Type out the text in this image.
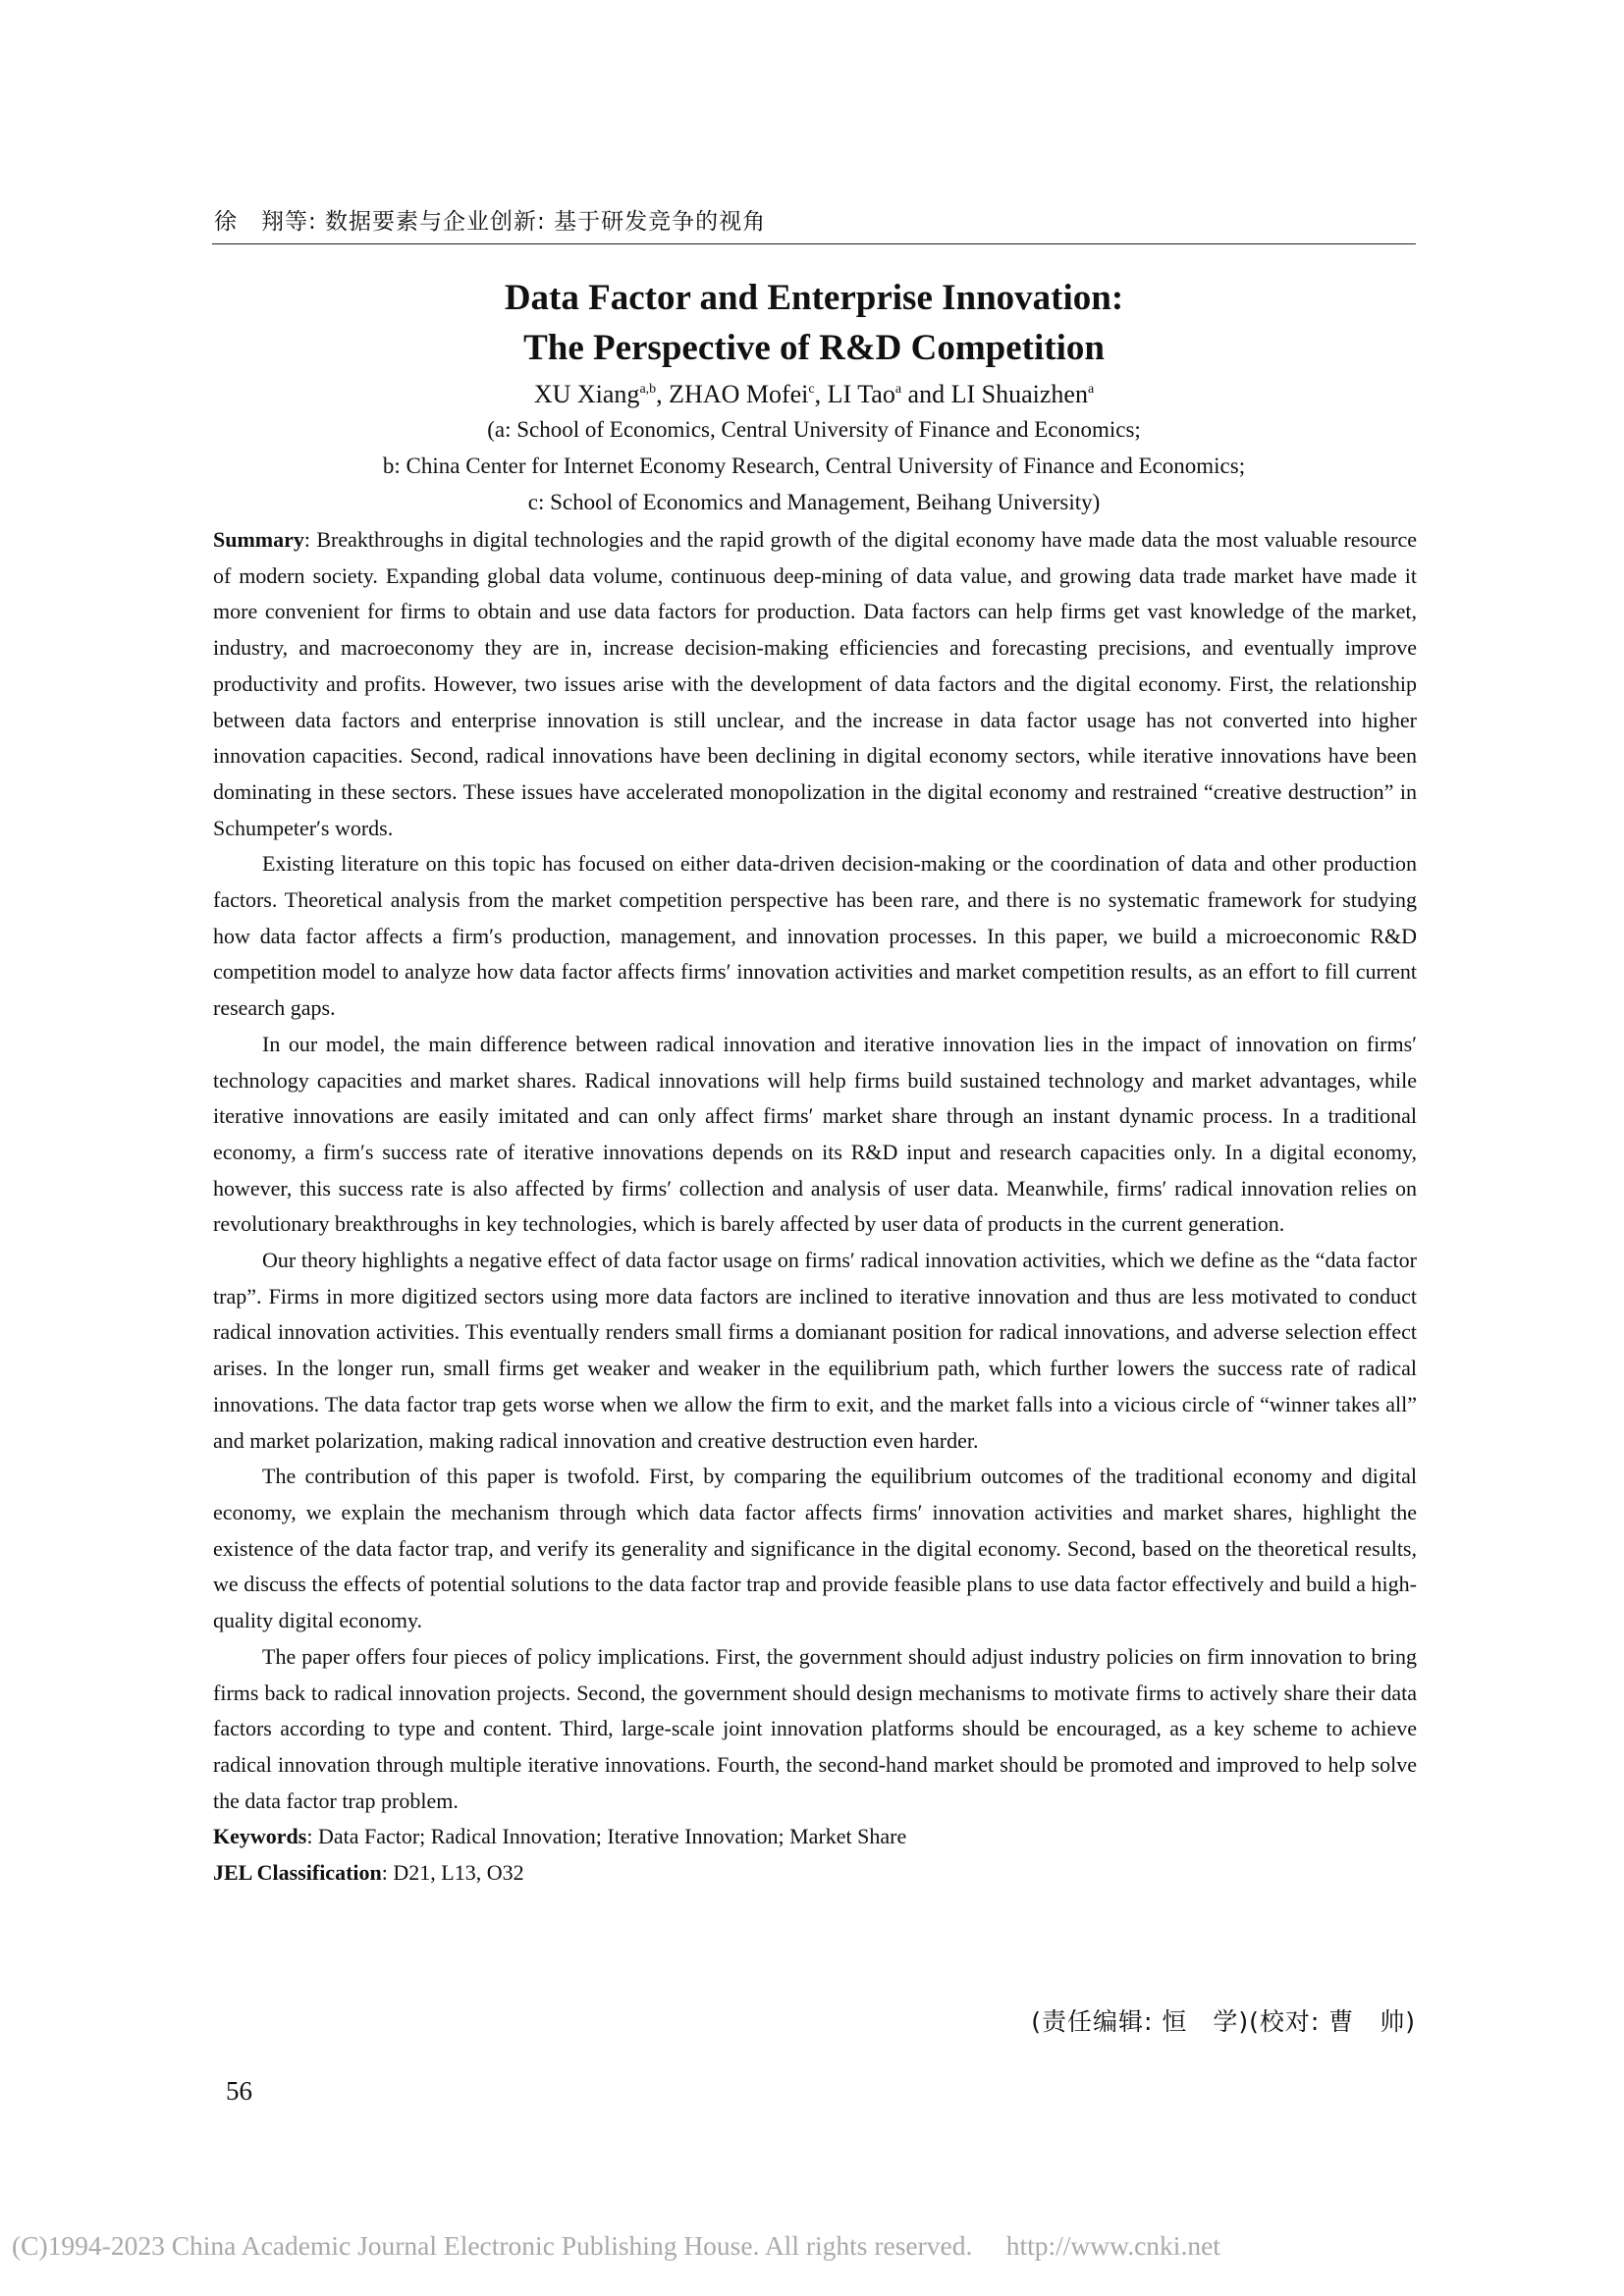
徐　翔等: 数据要素与企业创新: 基于研发竞争的视角
Data Factor and Enterprise Innovation:
The Perspective of R&D Competition
XU Xiang$^{a,b}$, ZHAO Mofei$^c$, LI Tao$^a$ and LI Shuaizhen$^a$
(a: School of Economics, Central University of Finance and Economics;
b: China Center for Internet Economy Research, Central University of Finance and Economics;
c: School of Economics and Management, Beihang University)

Summary: Breakthroughs in digital technologies and the rapid growth of the digital economy have made data the most valuable resource of modern society. Expanding global data volume, continuous deep-mining of data value, and growing data trade market have made it more convenient for firms to obtain and use data factors for production. Data factors can help firms get vast knowledge of the market, industry, and macroeconomy they are in, increase decision-making efficiencies and forecasting precisions, and eventually improve productivity and profits. However, two issues arise with the development of data factors and the digital economy. First, the relationship between data factors and enterprise innovation is still unclear, and the increase in data factor usage has not converted into higher innovation capacities. Second, radical innovations have been declining in digital economy sectors, while iterative innovations have been dominating in these sectors. These issues have accelerated monopolization in the digital economy and restrained “creative destruction” in Schumpeter′s words.

Existing literature on this topic has focused on either data-driven decision-making or the coordination of data and other production factors. Theoretical analysis from the market competition perspective has been rare, and there is no systematic framework for studying how data factor affects a firm′s production, management, and innovation processes. In this paper, we build a microeconomic R&D competition model to analyze how data factor affects firms′ innovation activities and market competition results, as an effort to fill current research gaps.

In our model, the main difference between radical innovation and iterative innovation lies in the impact of innovation on firms′ technology capacities and market shares. Radical innovations will help firms build sustained technology and market advantages, while iterative innovations are easily imitated and can only affect firms′ market share through an instant dynamic process. In a traditional economy, a firm′s success rate of iterative innovations depends on its R&D input and research capacities only. In a digital economy, however, this success rate is also affected by firms′ collection and analysis of user data. Meanwhile, firms′ radical innovation relies on revolutionary breakthroughs in key technologies, which is barely affected by user data of products in the current generation.

Our theory highlights a negative effect of data factor usage on firms′ radical innovation activities, which we define as the “data factor trap”. Firms in more digitized sectors using more data factors are inclined to iterative innovation and thus are less motivated to conduct radical innovation activities. This eventually renders small firms a domianant position for radical innovations, and adverse selection effect arises. In the longer run, small firms get weaker and weaker in the equilibrium path, which further lowers the success rate of radical innovations. The data factor trap gets worse when we allow the firm to exit, and the market falls into a vicious circle of “winner takes all” and market polarization, making radical innovation and creative destruction even harder.

The contribution of this paper is twofold. First, by comparing the equilibrium outcomes of the traditional economy and digital economy, we explain the mechanism through which data factor affects firms′ innovation activities and market shares, highlight the existence of the data factor trap, and verify its generality and significance in the digital economy. Second, based on the theoretical results, we discuss the effects of potential solutions to the data factor trap and provide feasible plans to use data factor effectively and build a high-quality digital economy.

The paper offers four pieces of policy implications. First, the government should adjust industry policies on firm innovation to bring firms back to radical innovation projects. Second, the government should design mechanisms to motivate firms to actively share their data factors according to type and content. Third, large-scale joint innovation platforms should be encouraged, as a key scheme to achieve radical innovation through multiple iterative innovations. Fourth, the second-hand market should be promoted and improved to help solve the data factor trap problem.

Keywords: Data Factor; Radical Innovation; Iterative Innovation; Market Share
JEL Classification: D21, L13, O32
(责任编辑: 恒　学)(校对: 曹　帅)
56
(C)1994-2023 China Academic Journal Electronic Publishing House. All rights reserved.　 http://www.cnki.net
